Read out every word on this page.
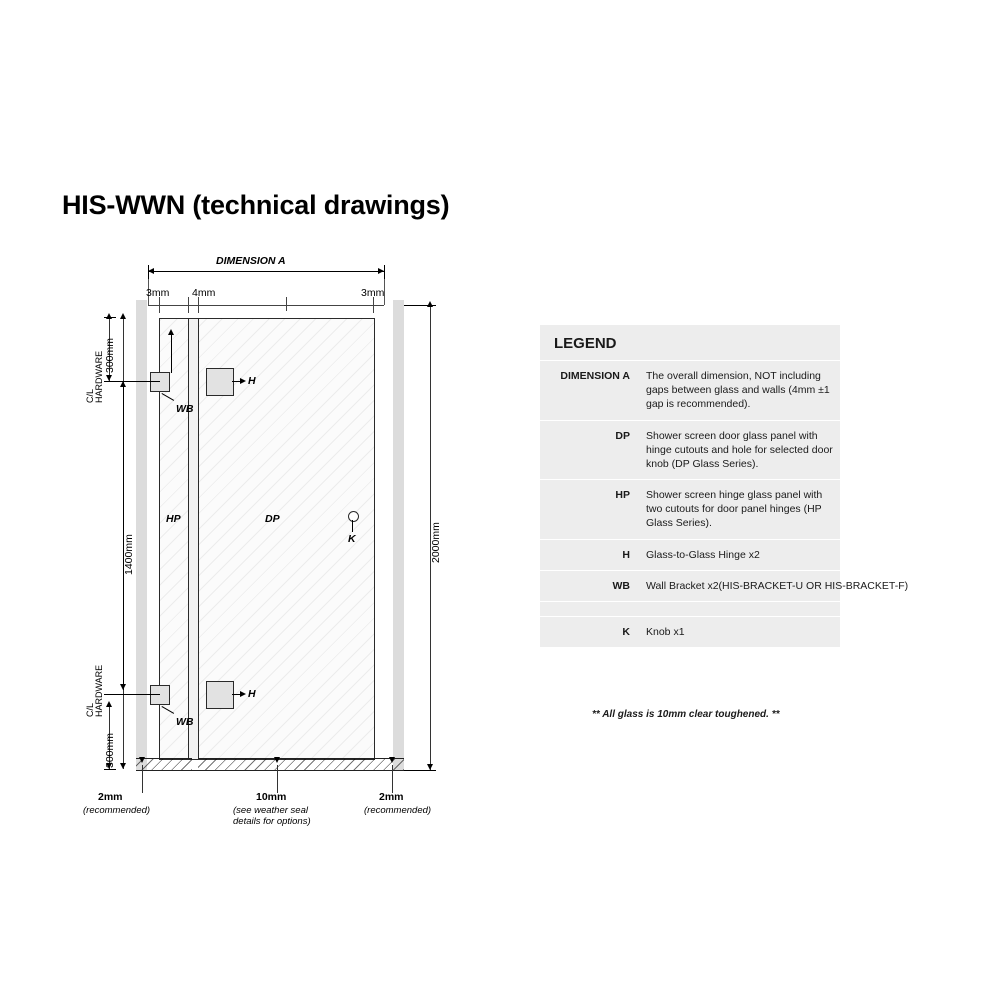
HIS-WWN (technical drawings)
DIMENSION A
3mm 4mm	3mm
HP	DP
K
H
WB
H
WB
300mm
1400mm
300mm
C/L HARDWARE
C/L HARDWARE
2000mm
2mm
(recommended)
10mm
(see weather seal
details for options)
2mm
(recommended)
LEGEND
DIMENSION A	The overall dimension, NOT including gaps between glass and walls (4mm ±1 gap is recommended).
DP	Shower screen door glass panel with hinge cutouts and hole for selected door knob (DP Glass Series).
HP	Shower screen hinge glass panel with two cutouts for door panel hinges (HP Glass Series).
H	Glass-to-Glass Hinge x2
WB	Wall Bracket x2(HIS-BRACKET-U OR HIS-BRACKET-F)
K	Knob x1
** All glass is 10mm clear toughened. **
